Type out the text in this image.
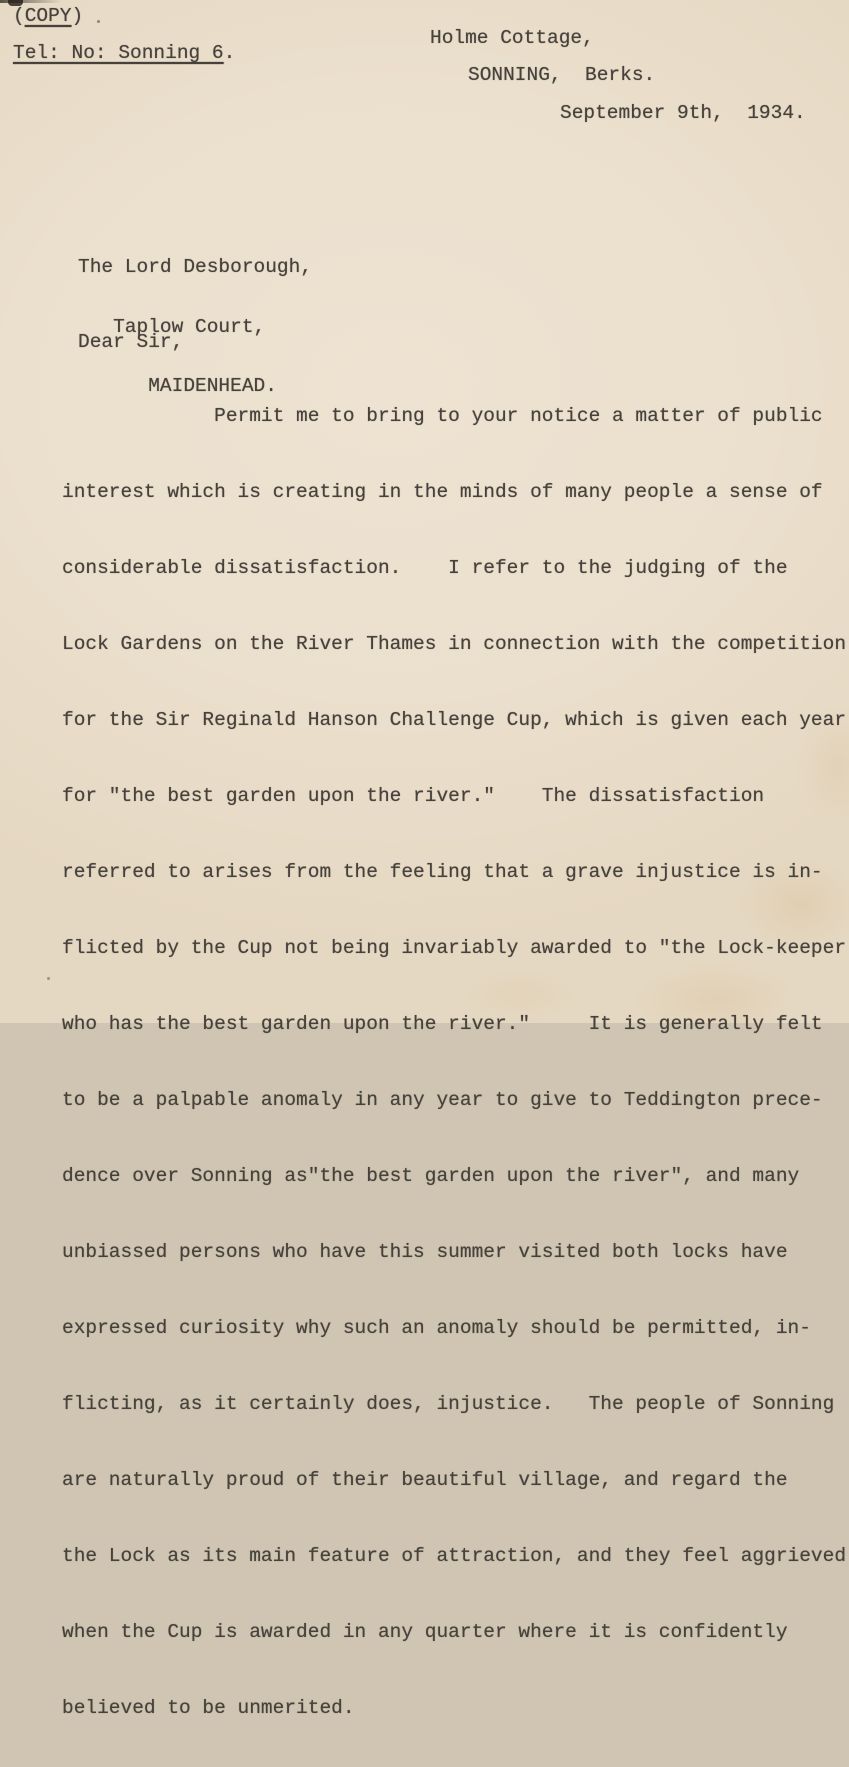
(COPY)
Tel: No: Sonning 6.
Holme Cottage,
SONNING,  Berks.
September 9th,  1934.

The Lord Desborough,

Taplow Court,

MAIDENHEAD.

Dear Sir,

Permit me to bring to your notice a matter of public

interest which is creating in the minds of many people a sense of

considerable dissatisfaction.    I refer to the judging of the

Lock Gardens on the River Thames in connection with the competition

for the Sir Reginald Hanson Challenge Cup, which is given each year

for "the best garden upon the river."    The dissatisfaction

referred to arises from the feeling that a grave injustice is in-

flicted by the Cup not being invariably awarded to "the Lock-keeper

who has the best garden upon the river."     It is generally felt

to be a palpable anomaly in any year to give to Teddington prece-

dence over Sonning as"the best garden upon the river", and many

unbiassed persons who have this summer visited both locks have

expressed curiosity why such an anomaly should be permitted, in-

flicting, as it certainly does, injustice.   The people of Sonning

are naturally proud of their beautiful village, and regard the

the Lock as its main feature of attraction, and they feel aggrieved

when the Cup is awarded in any quarter where it is confidently

believed to be unmerited.
